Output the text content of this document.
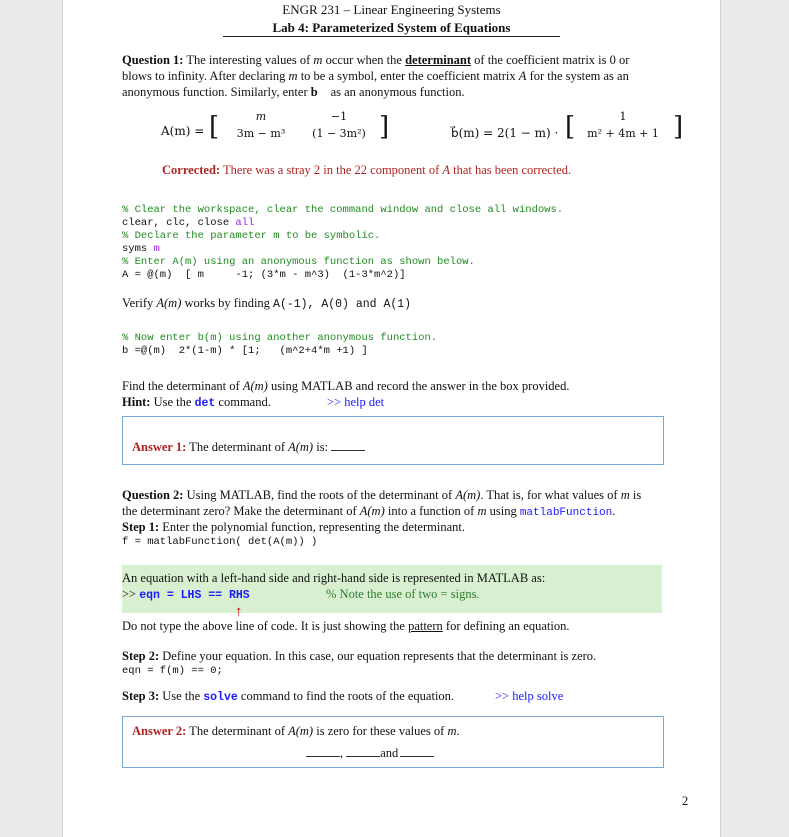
ENGR 231 – Linear Engineering Systems
Lab 4: Parameterized System of Equations
Question 1: The interesting values of m occur when the determinant of the coefficient matrix is 0 or
blows to infinity. After declaring m to be a symbol, enter the coefficient matrix A for the system as an
anonymous function. Similarly, enter b⃗ as an anonymous function.
A(m) = [	m	−1
3m − m³	(1 − 3m²) ]	b⃗(m) = 2(1 − m) · [	1
m² + 4m + 1 ]
Corrected: There was a stray 2 in the 22 component of A that has been corrected.
% Clear the workspace, clear the command window and close all windows.
clear, clc, close all
% Declare the parameter m to be symbolic.
syms m
% Enter A(m) using an anonymous function as shown below.
A = @(m)  [ m     -1; (3*m - m^3)  (1-3*m^2)]
Verify A(m) works by finding A(-1), A(0) and A(1)
% Now enter b(m) using another anonymous function.
b =@(m)  2*(1-m) * [1;   (m^2+4*m +1) ]
Find the determinant of A(m) using MATLAB and record the answer in the box provided.
Hint: Use the det command.	>> help det
Answer 1: The determinant of A(m) is:
Question 2: Using MATLAB, find the roots of the determinant of A(m). That is, for what values of m is
the determinant zero? Make the determinant of A(m) into a function of m using matlabFunction.
Step 1: Enter the polynomial function, representing the determinant.
f = matlabFunction( det(A(m)) )
An equation with a left-hand side and right-hand side is represented in MATLAB as:
>> eqn = LHS == RHS	% Note the use of two = signs.
↑
Do not type the above line of code. It is just showing the pattern for defining an equation.
Step 2: Define your equation. In this case, our equation represents that the determinant is zero.
eqn = f(m) == 0;
Step 3: Use the solve command to find the roots of the equation.	>> help solve
Answer 2: The determinant of A(m) is zero for these values of m.
,	and
2
